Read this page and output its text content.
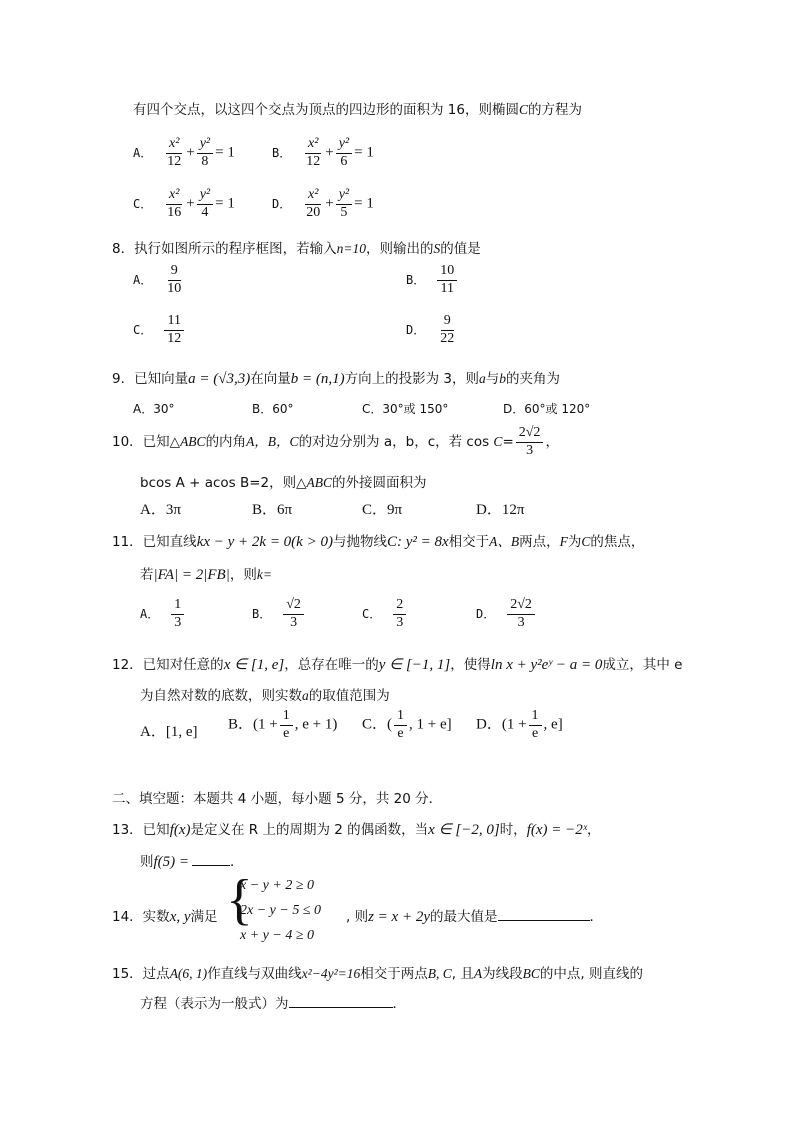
有四个交点，以这四个交点为顶点的四边形的面积为 16，则椭圆C的方程为
A． $\frac{\text{x²}}{12} + \frac{\text{y²}}{8} = 1$	B． $\frac{\text{x²}}{12} + \frac{\text{y²}}{6} = 1$
C． $\frac{\text{x²}}{16} + \frac{\text{y²}}{4} = 1$	D． $\frac{\text{x²}}{20} + \frac{\text{y²}}{5} = 1$
8．执行如图所示的程序框图，若输入n=10，则输出的S的值是
A． $\frac{9}{10}$	B． $\frac{10}{11}$
C． $\frac{11}{12}$	D． $\frac{9}{22}$
9．已知向量a = (√3,3)在向量b = (n,1)方向上的投影为 3，则a与b的夹角为
A．30°	B．60°	C．30°或 150°	D．60°或 120°
10．已知△ABC的内角A，B，C的对边分别为 a，b，c，若 $\cos C= \frac{2√2}{3}$ ，
bcos A + acos B=2，则△ABC的外接圆面积为
A．3π	B．6π	C．9π	D．12π
11．已知直线kx − y + 2k = 0(k > 0)与抛物线C: y² = 8x相交于A、B两点，F为C的焦点，
若|FA| = 2|FB|，则k=
A． $\frac{1}{3}$	B． $\frac{√2}{3}$	C． $\frac{2}{3}$	D． $\frac{2√2}{3}$
12．已知对任意的x ∈ [1, e]，总存在唯一的y ∈ [−1, 1]，使得ln x + y²eʸ − a = 0成立，其中 e
为自然对数的底数，则实数a的取值范围为
A．[1, e] B．($1 + \frac{1}{e}$ , e + 1) C．( $\frac{1}{e}$ , 1 + e] D．($1 + \frac{1}{e}$ , e]
二、填空题：本题共 4 小题，每小题 5 分，共 20 分．
13．已知f(x)是定义在 R 上的周期为 2 的偶函数，当x ∈ [−2, 0]时，f(x) = −2ˣ，
则f(5) =	．
14．实数x, y满足 {
x − y + 2 ≥ 0
2x − y − 5 ≤ 0
x + y − 4 ≥ 0
, 则z = x + 2y的最大值是	．
15．过点A(6, 1)作直线与双曲线x²−4y²=16相交于两点B, C, 且A为线段BC的中点, 则直线的
方程（表示为一般式）为	．
